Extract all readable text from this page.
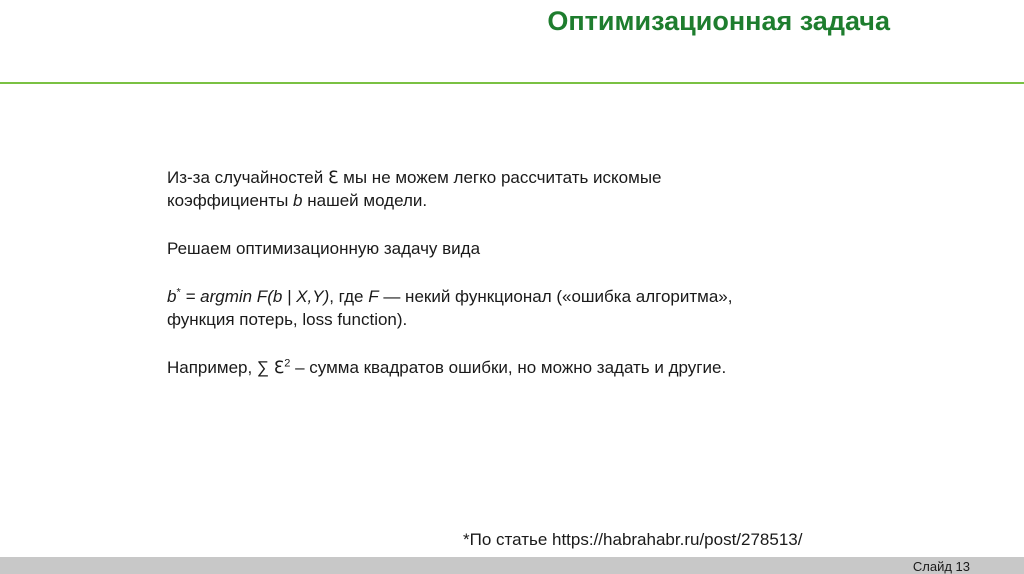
Оптимизационная задача

Из-за случайностей ℇ мы не можем легко рассчитать искомые
коэффициенты b нашей модели.

Решаем оптимизационную задачу вида

b* = argmin F(b | X,Y), где F — некий функционал («ошибка алгоритма»,
функция потерь, loss function).

Например, ∑ ℇ$^2$ – сумма квадратов ошибки, но можно задать и другие.

*По статье https://habrahabr.ru/post/278513/
Слайд 13
